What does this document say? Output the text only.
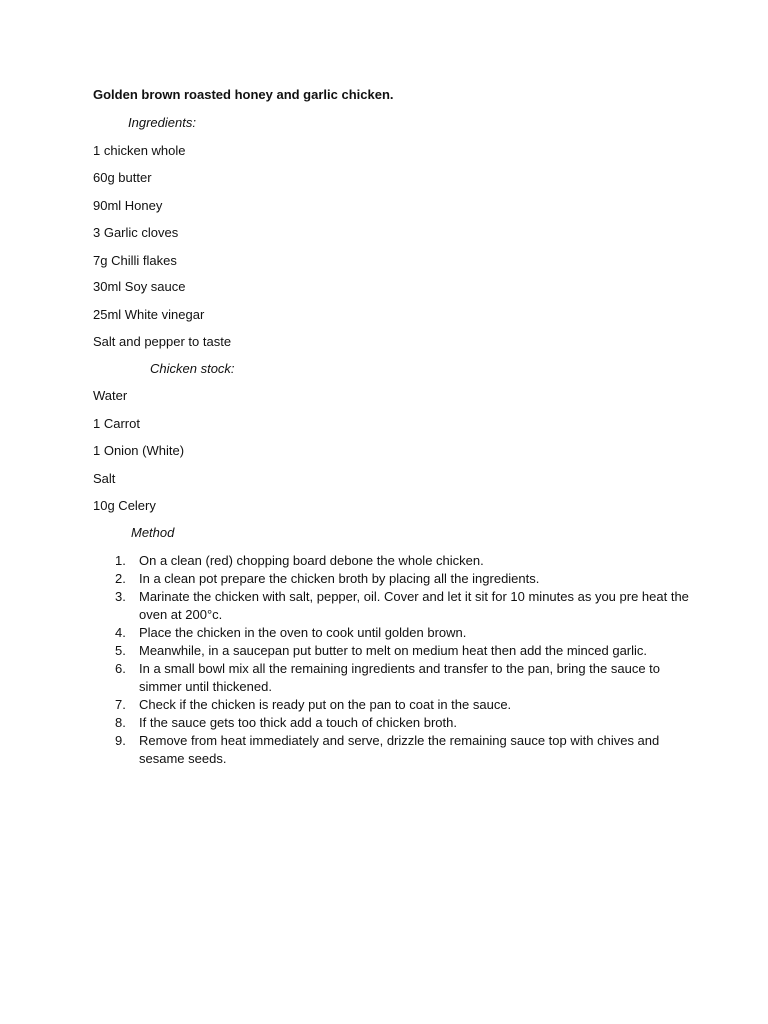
Golden brown roasted honey and garlic chicken.
Ingredients:
1 chicken whole
60g butter
90ml Honey
3 Garlic cloves
7g Chilli flakes
30ml Soy sauce
25ml White vinegar
Salt and pepper to taste
Chicken stock:
Water
1 Carrot
1 Onion (White)
Salt
10g Celery
Method
1.	On a clean (red) chopping board debone the whole chicken.
2.	In a clean pot prepare the chicken broth by placing all the ingredients.
3.	Marinate the chicken with salt, pepper, oil. Cover and let it sit for 10 minutes as you pre heat the oven at 200°c.
4.	Place the chicken in the oven to cook until golden brown.
5.	Meanwhile, in a saucepan put butter to melt on medium heat then add the minced garlic.
6.	In a small bowl mix all the remaining ingredients and transfer to the pan, bring the sauce to simmer until thickened.
7.	Check if the chicken is ready put on the pan to coat in the sauce.
8.	If the sauce gets too thick add a touch of chicken broth.
9.	Remove from heat immediately and serve, drizzle the remaining sauce top with chives and sesame seeds.
